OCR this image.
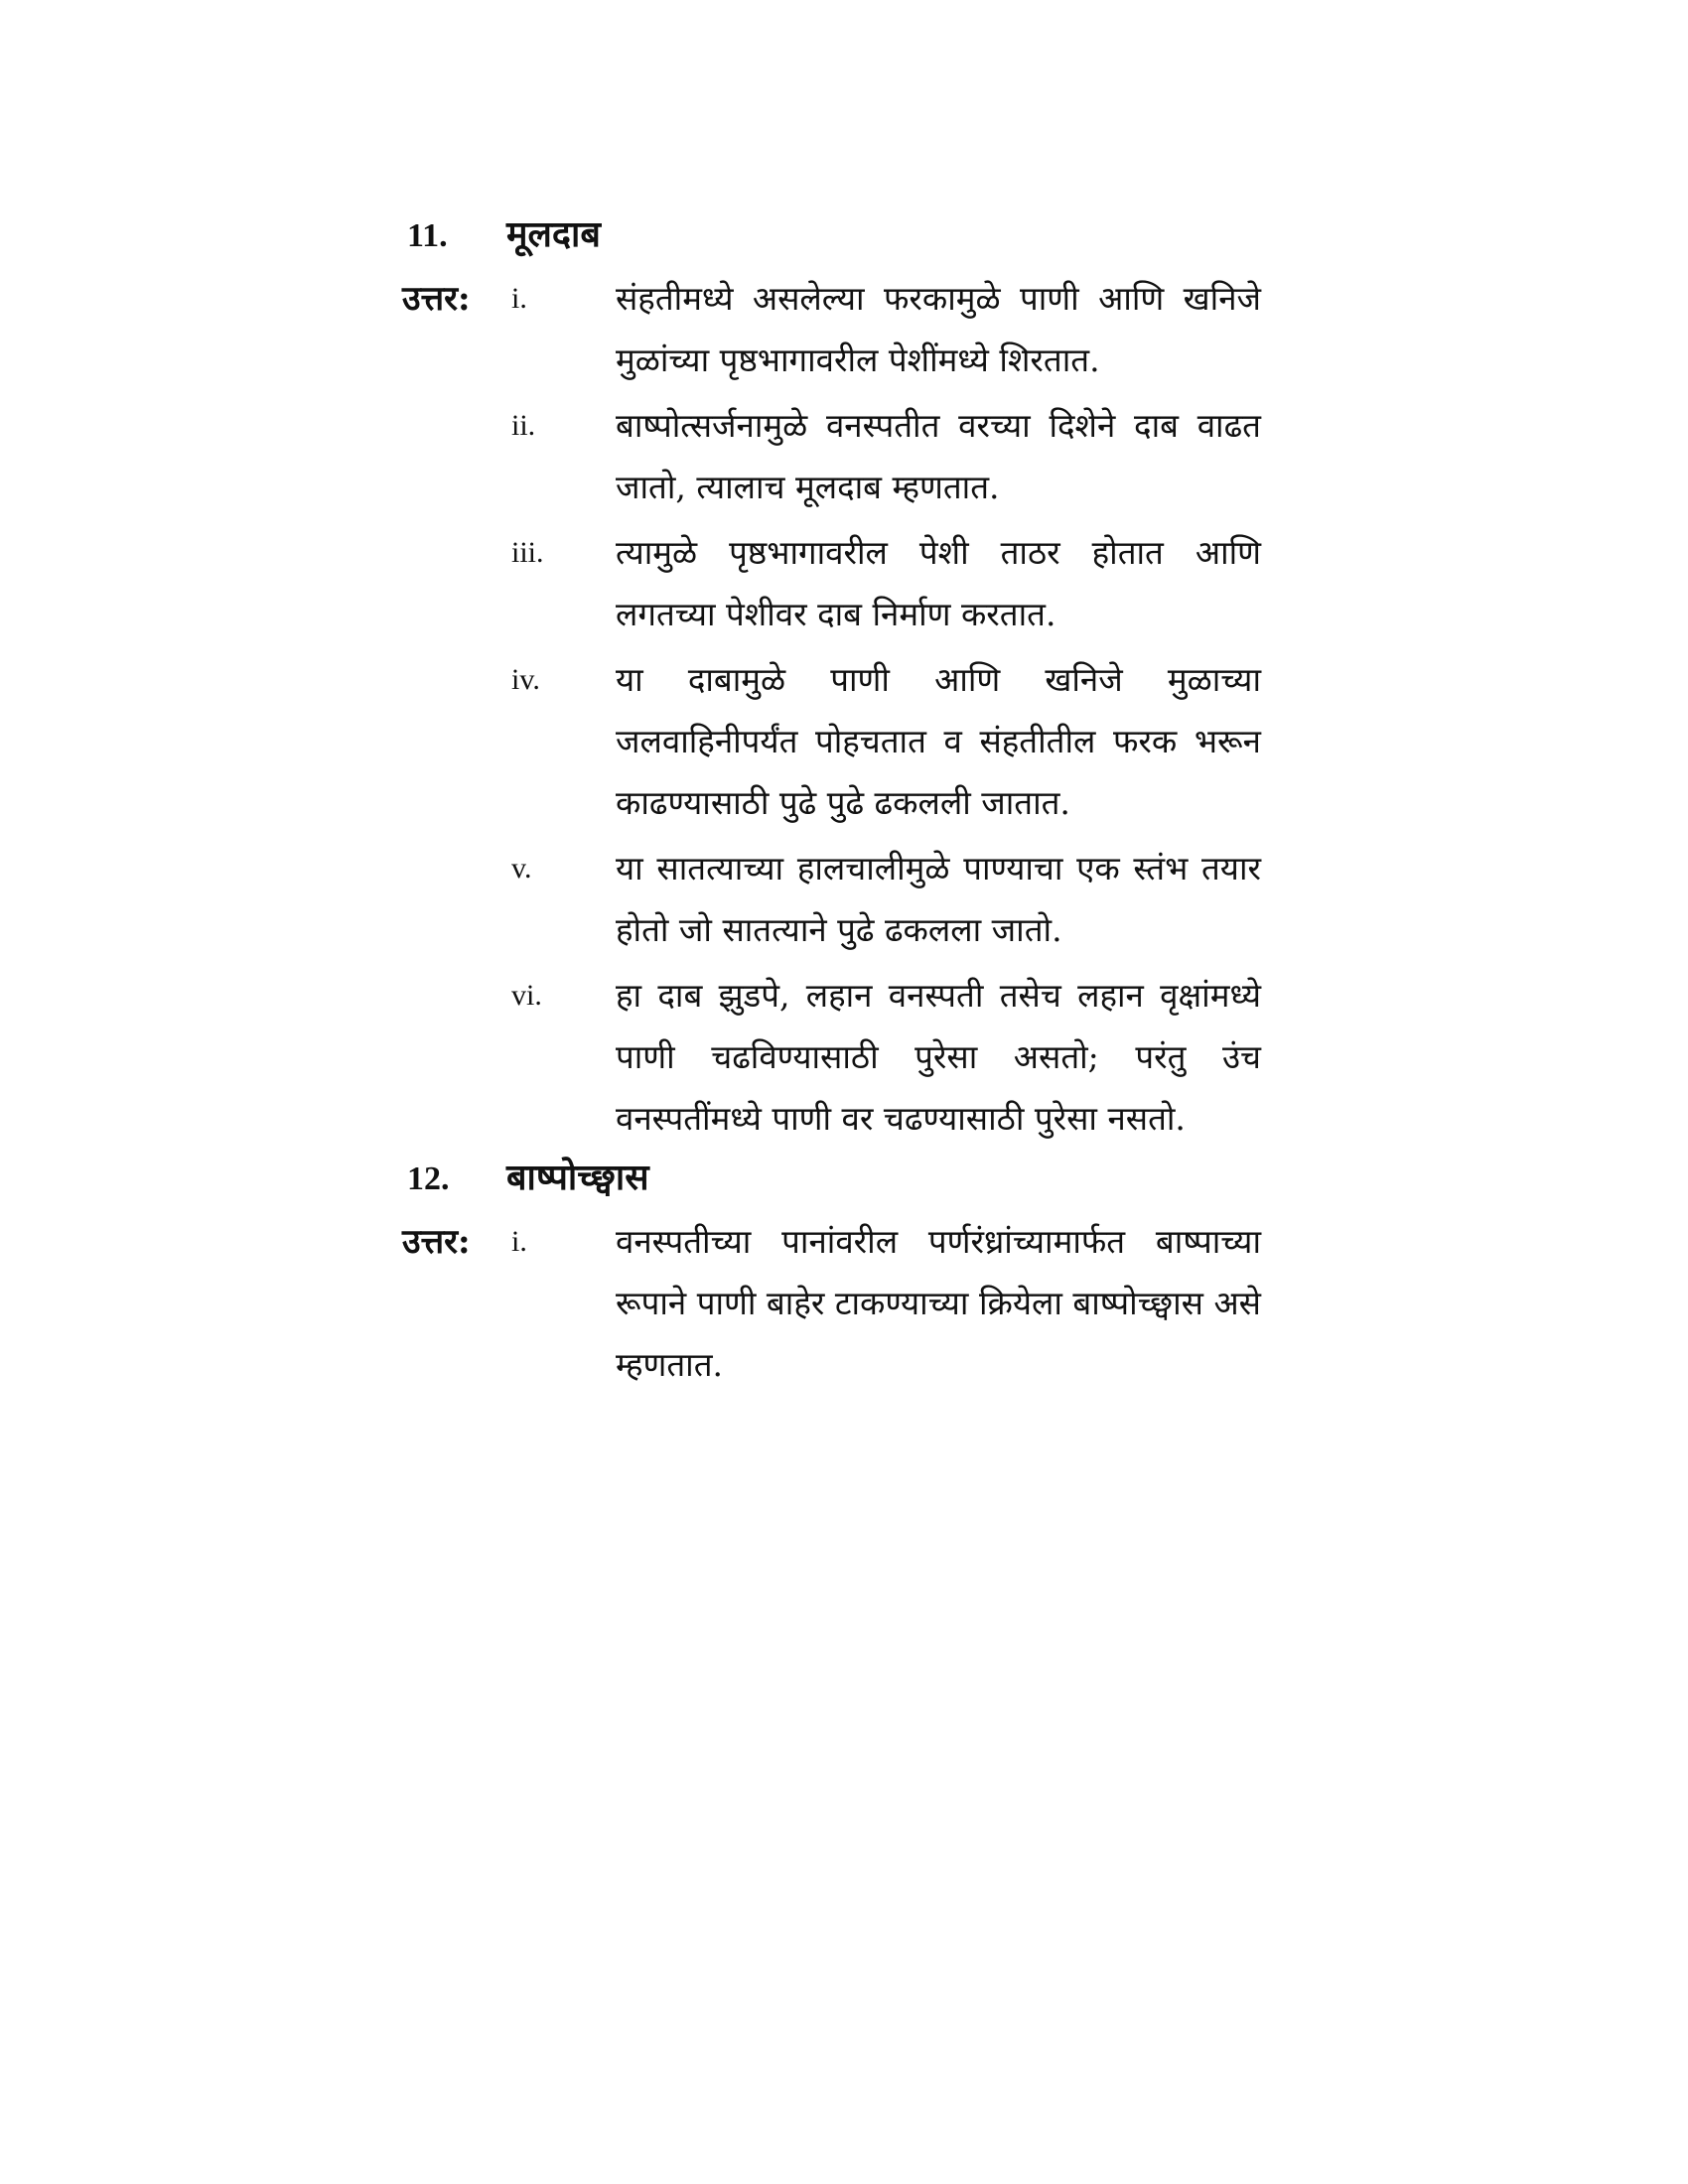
11.	मूलदाब
उत्तर:	i.	संहतीमध्ये असलेल्या फरकामुळे पाणी आणि खनिजे मुळांच्या पृष्ठभागावरील पेशींमध्ये शिरतात.
ii.	बाष्पोत्सर्जनामुळे वनस्पतीत वरच्या दिशेने दाब वाढत जातो, त्यालाच मूलदाब म्हणतात.
iii.	त्यामुळे पृष्ठभागावरील पेशी ताठर होतात आणि लगतच्या पेशीवर दाब निर्माण करतात.
iv.	या दाबामुळे पाणी आणि खनिजे मुळाच्या जलवाहिनीपर्यंत पोहचतात व संहतीतील फरक भरून काढण्यासाठी पुढे पुढे ढकलली जातात.
v.	या सातत्याच्या हालचालीमुळे पाण्याचा एक स्तंभ तयार होतो जो सातत्याने पुढे ढकलला जातो.
vi.	हा दाब झुडपे, लहान वनस्पती तसेच लहान वृक्षांमध्ये पाणी चढविण्यासाठी पुरेसा असतो; परंतु उंच वनस्पतींमध्ये पाणी वर चढण्यासाठी पुरेसा नसतो.
12.	बाष्पोच्छ्वास
उत्तर:	i.	वनस्पतीच्या पानांवरील पर्णरंध्रांच्यामार्फत बाष्पाच्या रूपाने पाणी बाहेर टाकण्याच्या क्रियेला बाष्पोच्छ्वास असे म्हणतात.
